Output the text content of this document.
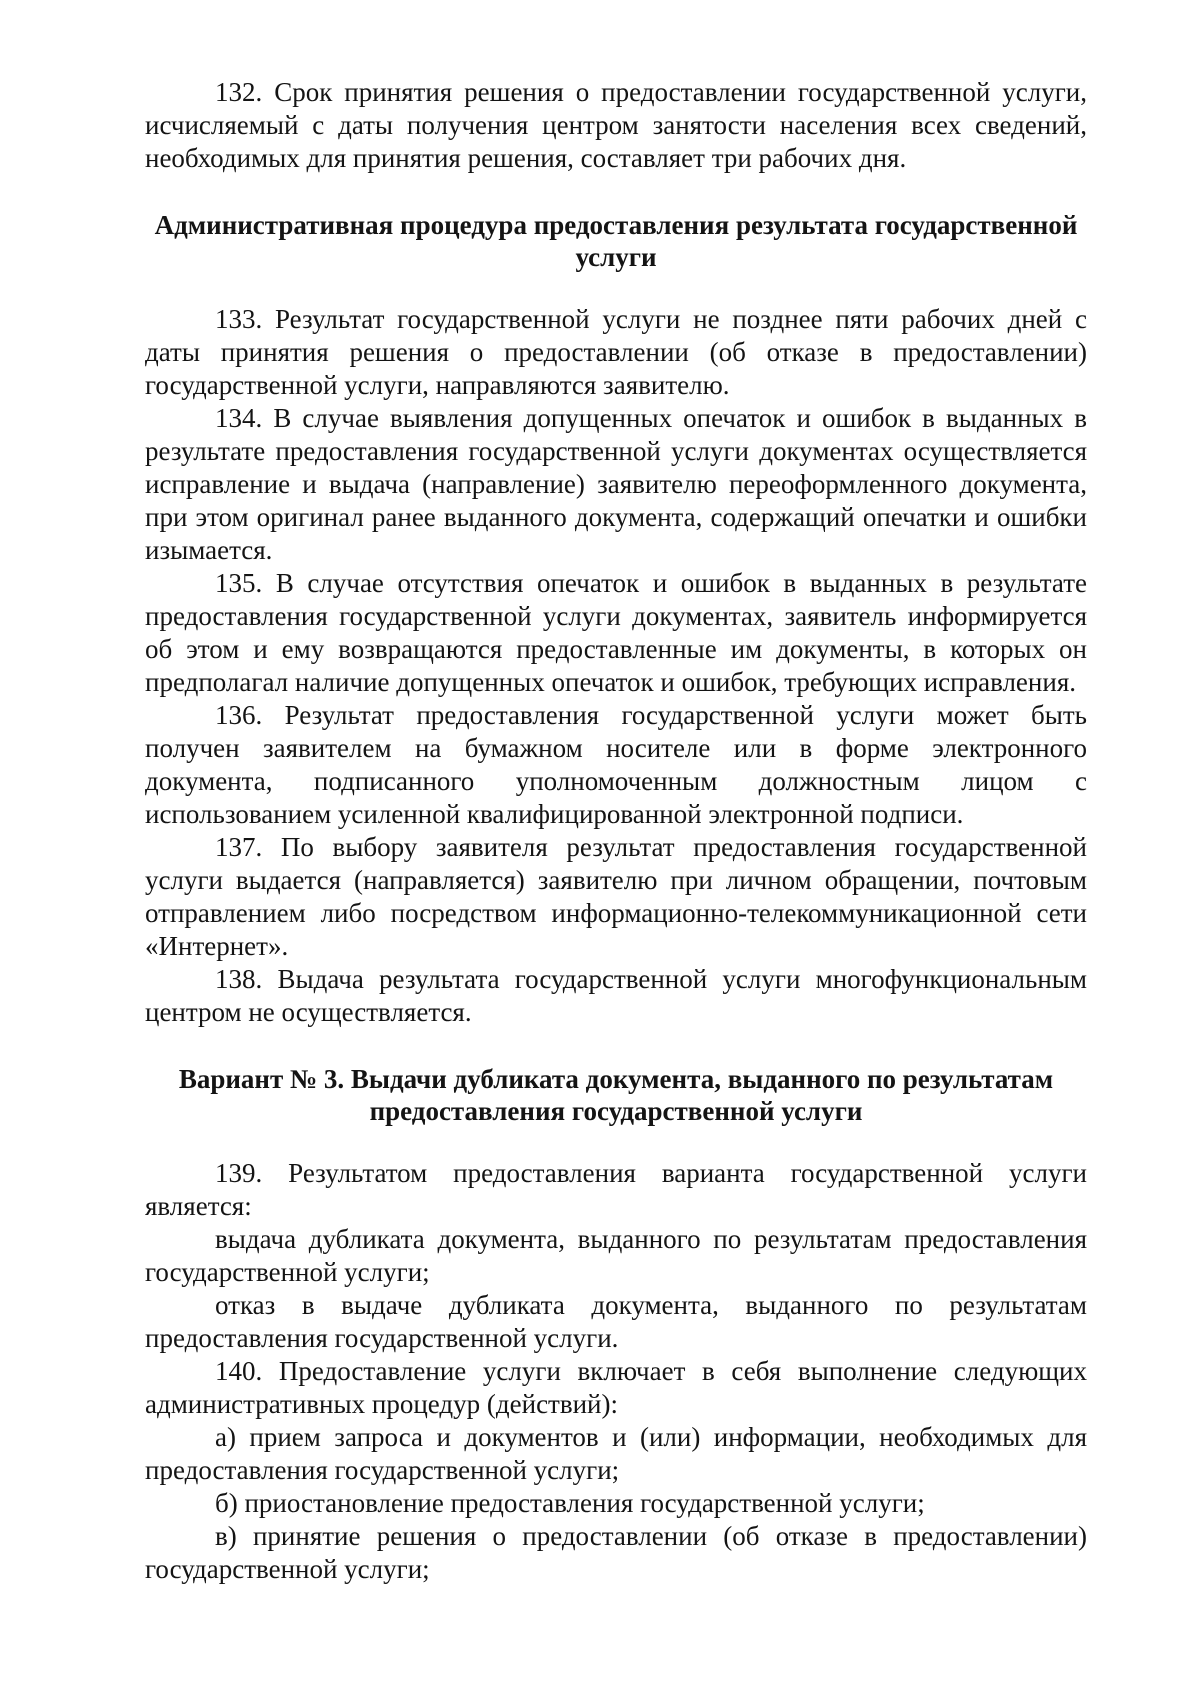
132. Срок принятия решения о предоставлении государственной услуги, исчисляемый с даты получения центром занятости населения всех сведений, необходимых для принятия решения, составляет три рабочих дня.

Административная процедура предоставления результата государственной услуги

133. Результат государственной услуги не позднее пяти рабочих дней с даты принятия решения о предоставлении (об отказе в предоставлении) государственной услуги, направляются заявителю.

134. В случае выявления допущенных опечаток и ошибок в выданных в результате предоставления государственной услуги документах осуществляется исправление и выдача (направление) заявителю переоформленного документа, при этом оригинал ранее выданного документа, содержащий опечатки и ошибки изымается.

135. В случае отсутствия опечаток и ошибок в выданных в результате предоставления государственной услуги документах, заявитель информируется об этом и ему возвращаются предоставленные им документы, в которых он предполагал наличие допущенных опечаток и ошибок, требующих исправления.

136. Результат предоставления государственной услуги может быть получен заявителем на бумажном носителе или в форме электронного документа, подписанного уполномоченным должностным лицом с использованием усиленной квалифицированной электронной подписи.

137. По выбору заявителя результат предоставления государственной услуги выдается (направляется) заявителю при личном обращении, почтовым отправлением либо посредством информационно-телекоммуникационной сети «Интернет».

138. Выдача результата государственной услуги многофункциональным центром не осуществляется.

Вариант № 3. Выдачи дубликата документа, выданного по результатам предоставления государственной услуги

139. Результатом предоставления варианта государственной услуги является:

выдача дубликата документа, выданного по результатам предоставления государственной услуги;

отказ в выдаче дубликата документа, выданного по результатам предоставления государственной услуги.

140. Предоставление услуги включает в себя выполнение следующих административных процедур (действий):

а) прием запроса и документов и (или) информации, необходимых для предоставления государственной услуги;

б) приостановление предоставления государственной услуги;

в) принятие решения о предоставлении (об отказе в предоставлении) государственной услуги;
